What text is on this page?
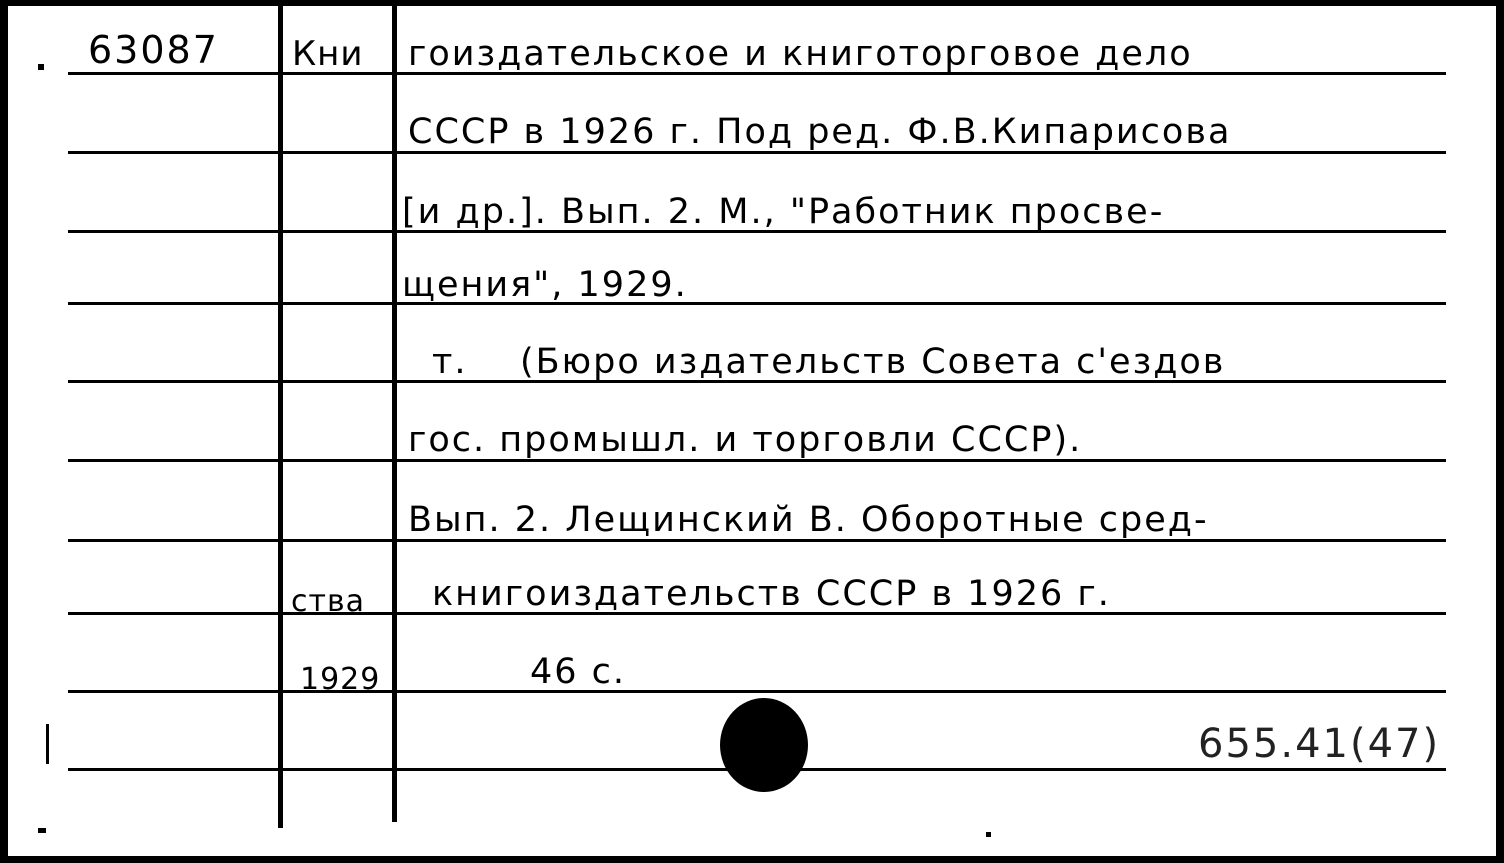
63087 Кни
ства
1929
гоиздательское и книготорговое дело
СССР в 1926 г. Под ред. Ф.В.Кипарисова
[и др.]. Вып. 2. М., "Работник просве-
щения", 1929.
т.    (Бюро издательств Совета с'ездов
гос. промышл. и торговли СССР).
Вып. 2. Лещинский В. Оборотные сред-
книгоиздательств СССР в 1926 г.
46 с.
655.41(47)
